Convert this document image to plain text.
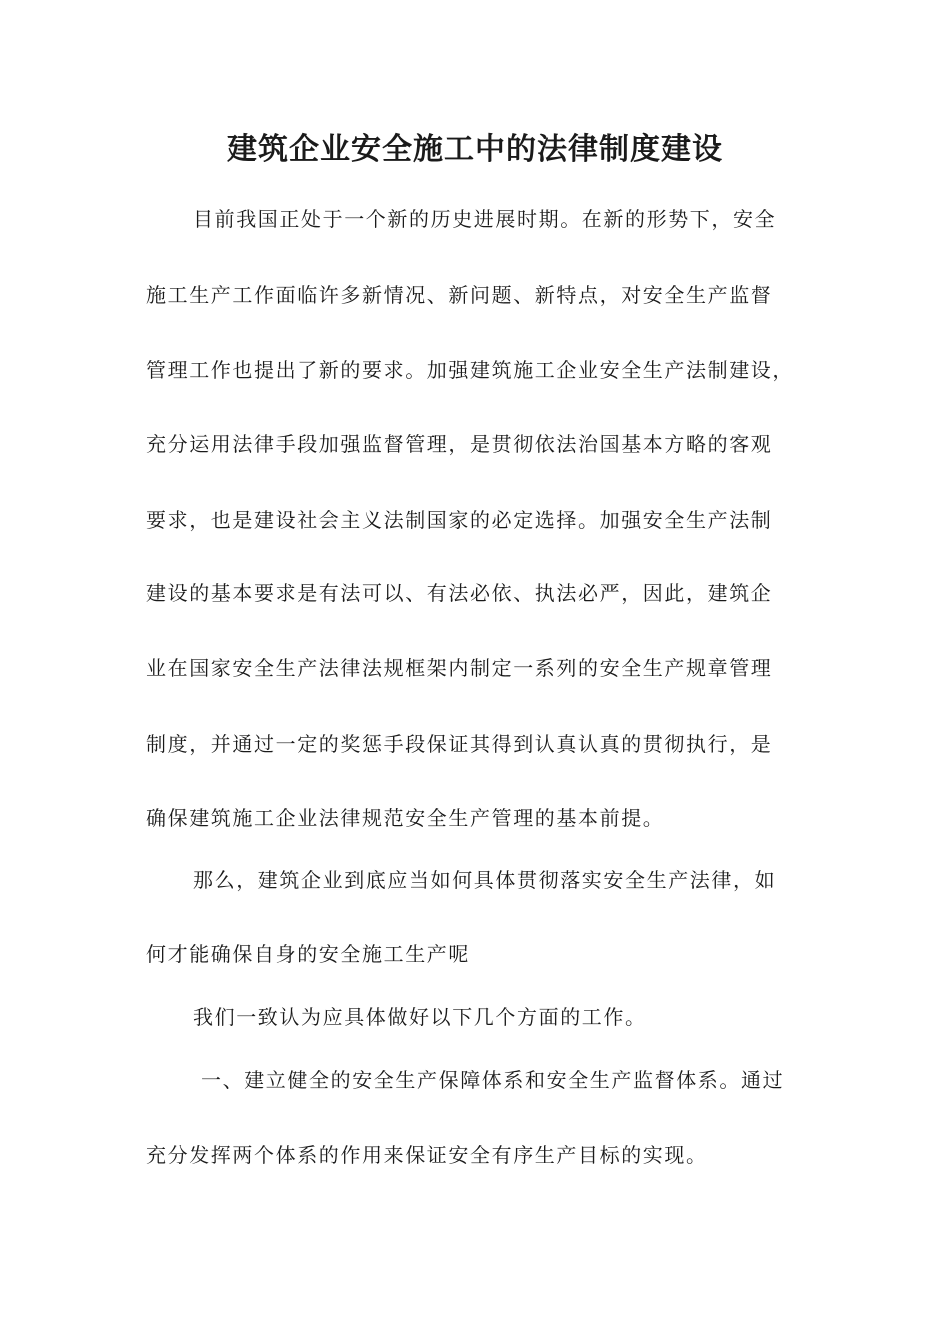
建筑企业安全施工中的法律制度建设

目前我国正处于一个新的历史进展时期。在新的形势下，安全

施工生产工作面临许多新情况、新问题、新特点，对安全生产监督

管理工作也提出了新的要求。加强建筑施工企业安全生产法制建设，

充分运用法律手段加强监督管理，是贯彻依法治国基本方略的客观

要求，也是建设社会主义法制国家的必定选择。加强安全生产法制

建设的基本要求是有法可以、有法必依、执法必严，因此，建筑企

业在国家安全生产法律法规框架内制定一系列的安全生产规章管理

制度，并通过一定的奖惩手段保证其得到认真认真的贯彻执行，是

确保建筑施工企业法律规范安全生产管理的基本前提。

那么，建筑企业到底应当如何具体贯彻落实安全生产法律，如

何才能确保自身的安全施工生产呢

我们一致认为应具体做好以下几个方面的工作。

一、建立健全的安全生产保障体系和安全生产监督体系。通过

充分发挥两个体系的作用来保证安全有序生产目标的实现。
